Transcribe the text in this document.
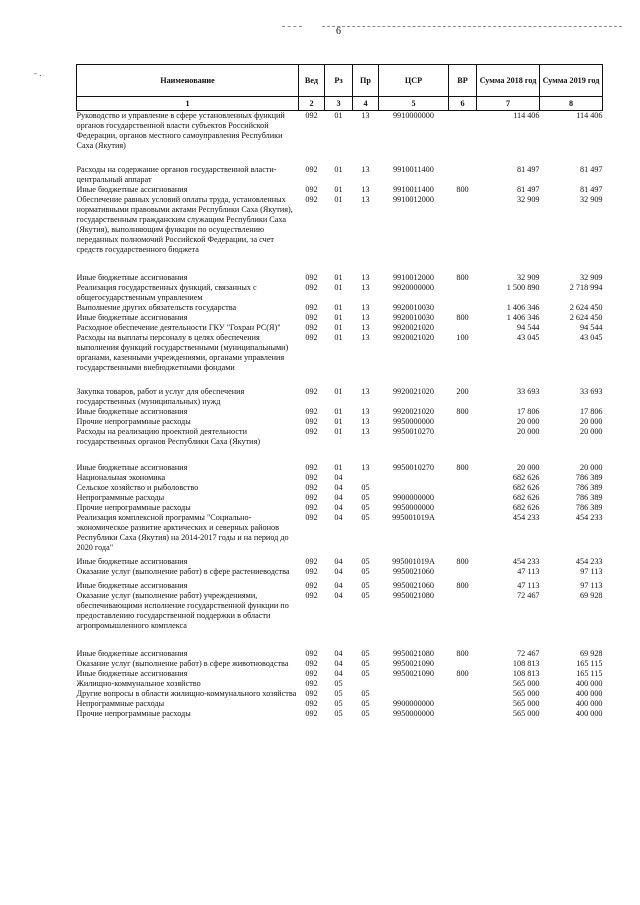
- .
6
Наименование	Вед	Рз	Пр	ЦСР	ВР	Сумма 2018 год	Сумма 2019 год
1	2	3	4	5	6	7	8
Руководство и управление в сфере установленных функций органов государственной власти субъектов Российской Федерации, органов местного самоуправления Республики Саха (Якутия)	092	01	13	9910000000		114 406	114 406

Расходы на содержание органов государственной власти- центральный аппарат	092	01	13	9910011400		81 497	81 497
Иные бюджетные ассигнования	092	01	13	9910011400	800	81 497	81 497
Обеспечение равных условий оплаты труда, установленных нормативными правовыми актами Республики Саха (Якутия), государственным гражданским служащим Республики Саха (Якутия), выполняющим функции по осуществлению переданных полномочий Российской Федерации, за счет средств государственного бюджета	092	01	13	9910012000		32 909	32 909

Иные бюджетные ассигнования	092	01	13	9910012000	800	32 909	32 909
Реализация государственных функций, связанных с общегосударственным управлением	092	01	13	9920000000		1 500 890	2 718 994
Выполнение других обязательств государства	092	01	13	9920010030		1 406 346	2 624 450
Иные бюджетные ассигнования	092	01	13	9920010030	800	1 406 346	2 624 450
Расходное обеспечение деятельности ГКУ "Гохран РС(Я)"	092	01	13	9920021020		94 544	94 544
Расходы на выплаты персоналу в целях обеспечения выполнения функций государственными (муниципальными) органами, казенными учреждениями, органами управления государственными внебюджетными фондами	092	01	13	9920021020	100	43 045	43 045

Закупка товаров, работ и услуг для обеспечения государственных (муниципальных) нужд	092	01	13	9920021020	200	33 693	33 693
Иные бюджетные ассигнования	092	01	13	9920021020	800	17 806	17 806
Прочие непрограммные расходы	092	01	13	9950000000		20 000	20 000
Расходы на реализацию проектной деятельности государственных органов Республики Саха (Якутия)	092	01	13	9950010270		20 000	20 000

Иные бюджетные ассигнования	092	01	13	9950010270	800	20 000	20 000
Национальная экономика	092	04				682 626	786 389
Сельское хозяйство и рыболовство	092	04	05			682 626	786 389
Непрограммные расходы	092	04	05	9900000000		682 626	786 389
Прочие непрограммные расходы	092	04	05	9950000000		682 626	786 389
Реализация комплексной программы "Социально-экономическое развитие арктических и северных районов Республики Саха (Якутия) на 2014-2017 годы и на период до 2020 года"	092	04	05	995001019A		454 233	454 233

Иные бюджетные ассигнования	092	04	05	995001019A	800	454 233	454 233
Оказание услуг (выполнение работ) в сфере растениеводства	092	04	05	9950021060		47 113	97 113

Иные бюджетные ассигнования	092	04	05	9950021060	800	47 113	97 113
Оказание услуг (выполнение работ) учреждениями, обеспечивающими исполнение государственной функции по предоставлению государственной поддержки в области агропромышленного комплекса	092	04	05	9950021080		72 467	69 928

Иные бюджетные ассигнования	092	04	05	9950021080	800	72 467	69 928
Оказание услуг (выполнение работ) в сфере животноводства	092	04	05	9950021090		108 813	165 115
Иные бюджетные ассигнования	092	04	05	9950021090	800	108 813	165 115
Жилищно-коммунальное хозяйство	092	05				565 000	400 000
Другие вопросы в области жилищно-коммунального хозяйства	092	05	05			565 000	400 000
Непрограммные расходы	092	05	05	9900000000		565 000	400 000
Прочие непрограммные расходы	092	05	05	9950000000		565 000	400 000
